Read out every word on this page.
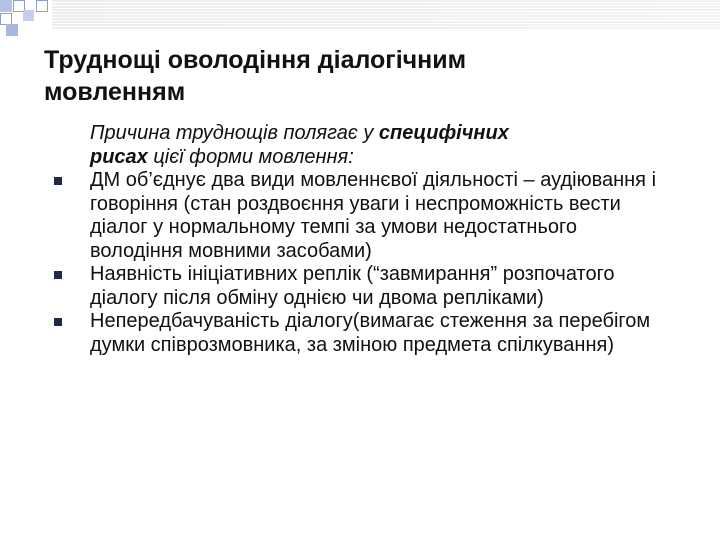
Труднощі оволодіння діалогічним
мовленням
Причина труднощів полягає у специфічних
рисах цієї форми мовлення:
ДМ об’єднує два види мовленнєвої діяльності – аудіювання і говоріння (стан роздвоєння уваги і неспроможність вести діалог у нормальному темпі за умови недостатнього володіння мовними засобами)
Наявність ініціативних реплік (“завмирання” розпочатого діалогу після обміну однією чи двома репліками)
Непередбачуваність діалогу(вимагає стеження за перебігом думки співрозмовника, за зміною предмета спілкування)
